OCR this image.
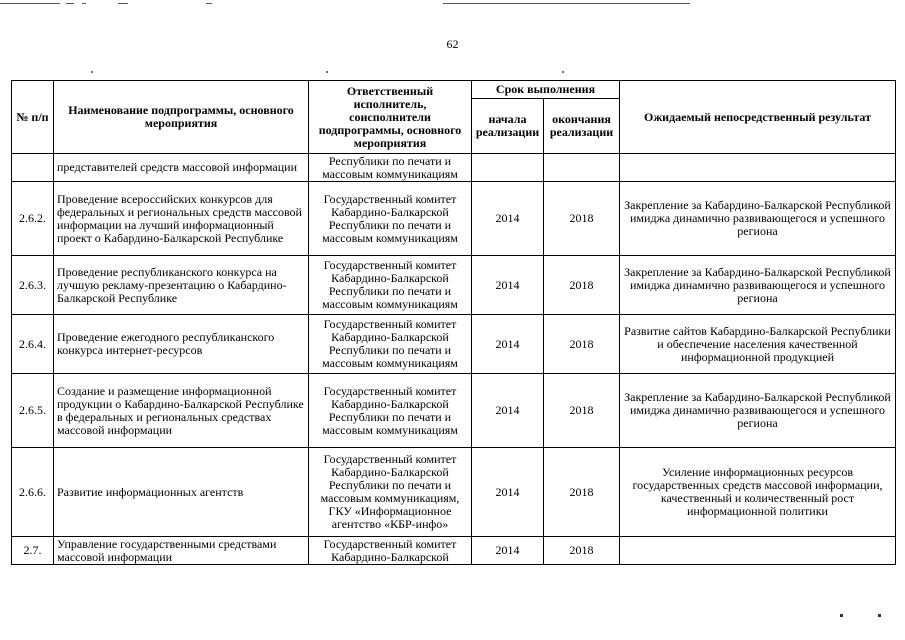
62
№ п/п	Наименование подпрограммы, основного мероприятия	Ответственный исполнитель, соисполнители подпрограммы, основного мероприятия	Срок выполнения		Ожидаемый непосредственный результат
			начала реализации	окончания реализации	
	представителей средств массовой информации	Республики по печати и массовым коммуникациям			
2.6.2.	Проведение всероссийских конкурсов для федеральных и региональных средств массовой информации на лучший информационный проект о Кабардино-Балкарской Республике	Государственный комитет Кабардино-Балкарской Республики по печати и массовым коммуникациям	2014	2018	Закрепление за Кабардино-Балкарской Республикой имиджа динамично развивающегося и успешного региона
2.6.3.	Проведение республиканского конкурса на лучшую рекламу-презентацию о Кабардино-Балкарской Республике	Государственный комитет Кабардино-Балкарской Республики по печати и массовым коммуникациям	2014	2018	Закрепление за Кабардино-Балкарской Республикой имиджа динамично развивающегося и успешного региона
2.6.4.	Проведение ежегодного республиканского конкурса интернет-ресурсов	Государственный комитет Кабардино-Балкарской Республики по печати и массовым коммуникациям	2014	2018	Развитие сайтов Кабардино-Балкарской Республики и обеспечение населения качественной информационной продукцией
2.6.5.	Создание и размещение информационной продукции о Кабардино-Балкарской Республике в федеральных и региональных средствах массовой информации	Государственный комитет Кабардино-Балкарской Республики по печати и массовым коммуникациям	2014	2018	Закрепление за Кабардино-Балкарской Республикой имиджа динамично развивающегося и успешного региона
2.6.6.	Развитие информационных агентств	Государственный комитет Кабардино-Балкарской Республики по печати и массовым коммуникациям, ГКУ «Информационное агентство «КБР-инфо»	2014	2018	Усиление информационных ресурсов государственных средств массовой информации, качественный и количественный рост информационной политики
2.7.	Управление государственными средствами массовой информации	Государственный комитет Кабардино-Балкарской	2014	2018	
